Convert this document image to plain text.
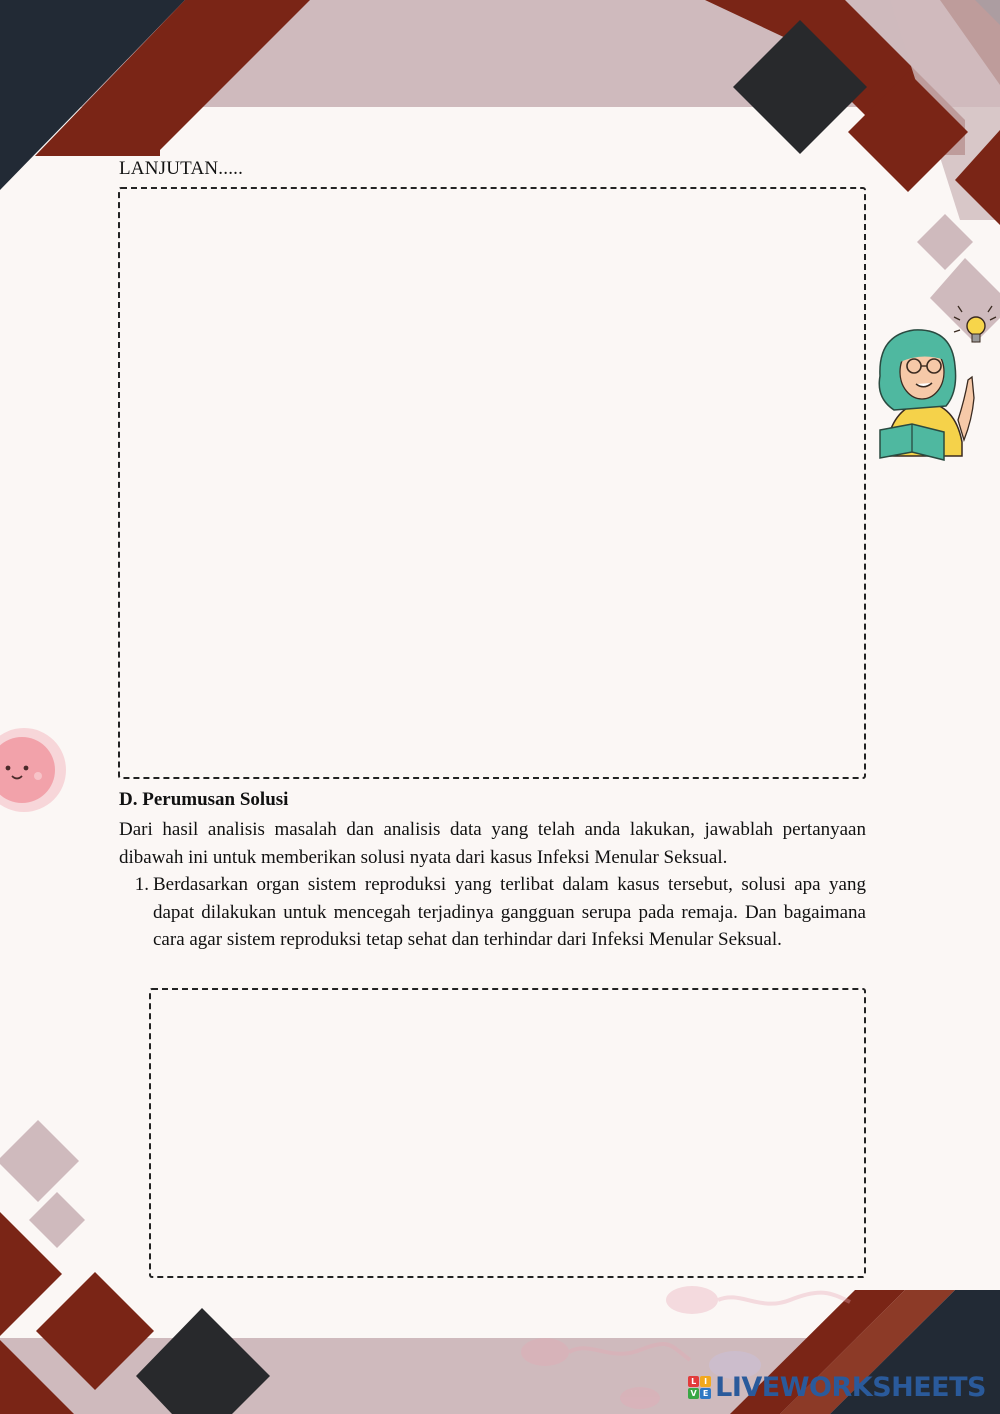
LANJUTAN.....
D. Perumusan Solusi
Dari hasil analisis masalah dan analisis data yang telah anda lakukan, jawablah pertanyaan dibawah ini untuk memberikan solusi nyata dari kasus Infeksi Menular Seksual.
1. Berdasarkan organ sistem reproduksi yang terlibat dalam kasus tersebut, solusi apa yang dapat dilakukan untuk mencegah terjadinya gangguan serupa pada remaja. Dan bagaimana cara agar sistem reproduksi tetap sehat dan terhindar dari Infeksi Menular Seksual.
L I
V E LIVEWORKSHEETS
